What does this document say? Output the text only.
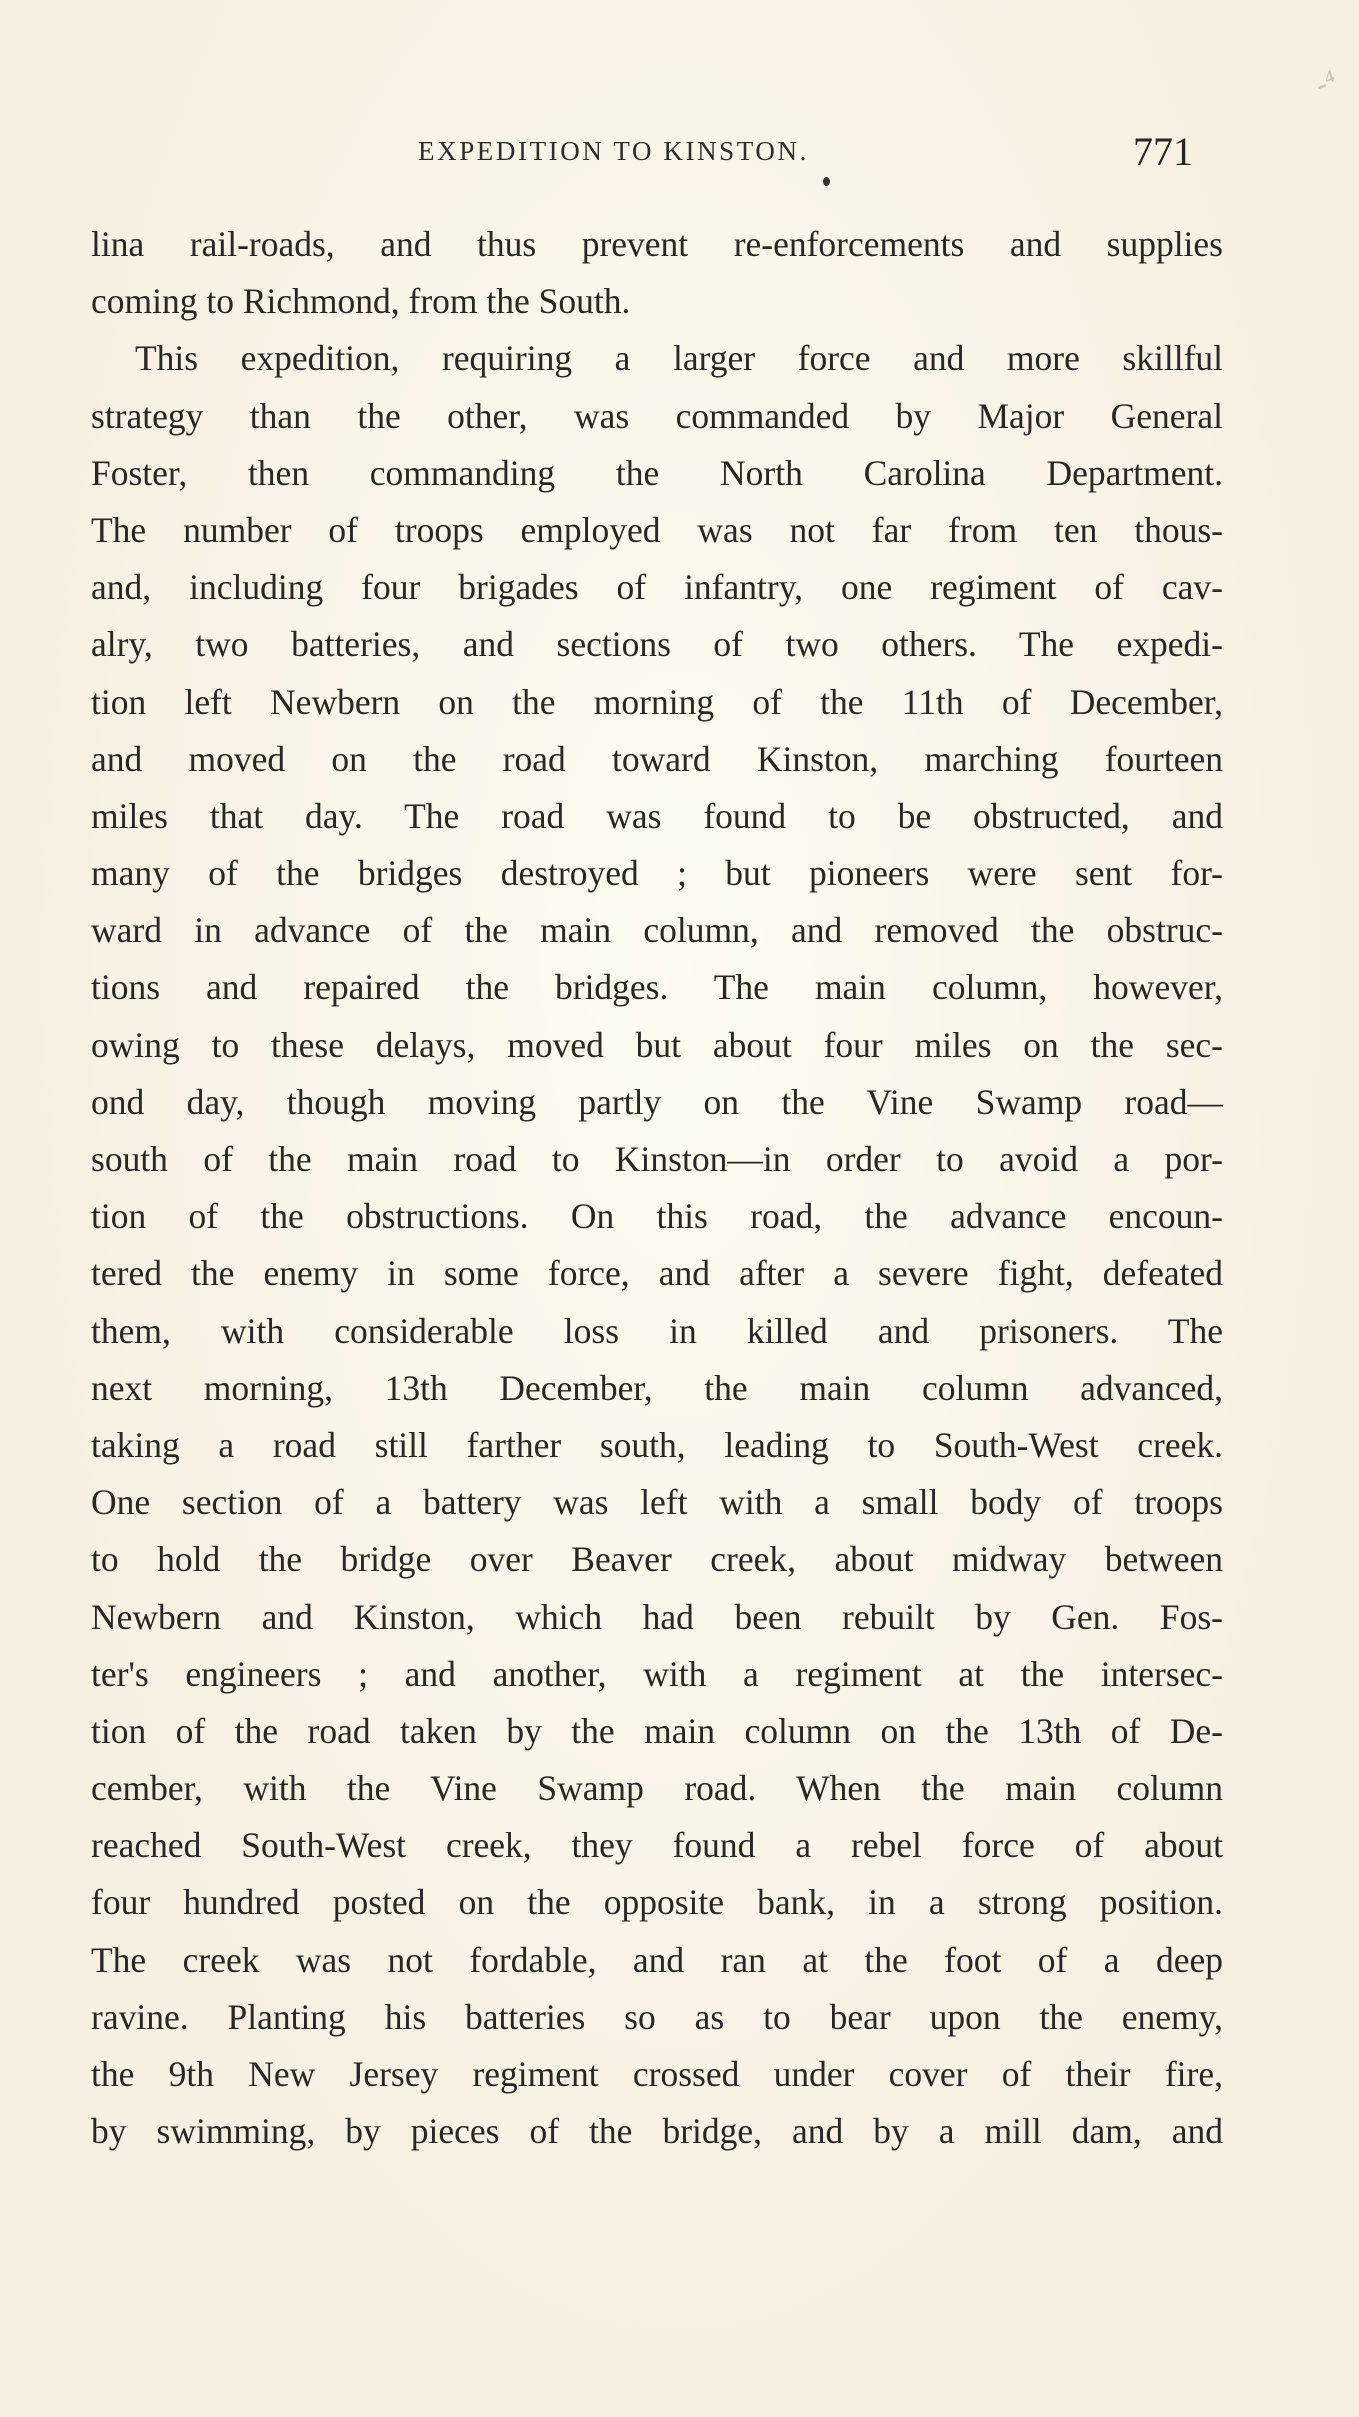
-⁴
EXPEDITION TO KINSTON.	771
lina rail-roads, and thus prevent re-enforcements and supplies
coming to Richmond, from the South.
This expedition, requiring a larger force and more skillful
strategy than the other, was commanded by Major General
Foster, then commanding the North Carolina Department.
The number of troops employed was not far from ten thous-
and, including four brigades of infantry, one regiment of cav-
alry, two batteries, and sections of two others. The expedi-
tion left Newbern on the morning of the 11th of December,
and moved on the road toward Kinston, marching fourteen
miles that day. The road was found to be obstructed, and
many of the bridges destroyed ; but pioneers were sent for-
ward in advance of the main column, and removed the obstruc-
tions and repaired the bridges. The main column, however,
owing to these delays, moved but about four miles on the sec-
ond day, though moving partly on the Vine Swamp road—
south of the main road to Kinston—in order to avoid a por-
tion of the obstructions. On this road, the advance encoun-
tered the enemy in some force, and after a severe fight, defeated
them, with considerable loss in killed and prisoners. The
next morning, 13th December, the main column advanced,
taking a road still farther south, leading to South-West creek.
One section of a battery was left with a small body of troops
to hold the bridge over Beaver creek, about midway between
Newbern and Kinston, which had been rebuilt by Gen. Fos-
ter's engineers ; and another, with a regiment at the intersec-
tion of the road taken by the main column on the 13th of De-
cember, with the Vine Swamp road. When the main column
reached South-West creek, they found a rebel force of about
four hundred posted on the opposite bank, in a strong position.
The creek was not fordable, and ran at the foot of a deep
ravine. Planting his batteries so as to bear upon the enemy,
the 9th New Jersey regiment crossed under cover of their fire,
by swimming, by pieces of the bridge, and by a mill dam, and
